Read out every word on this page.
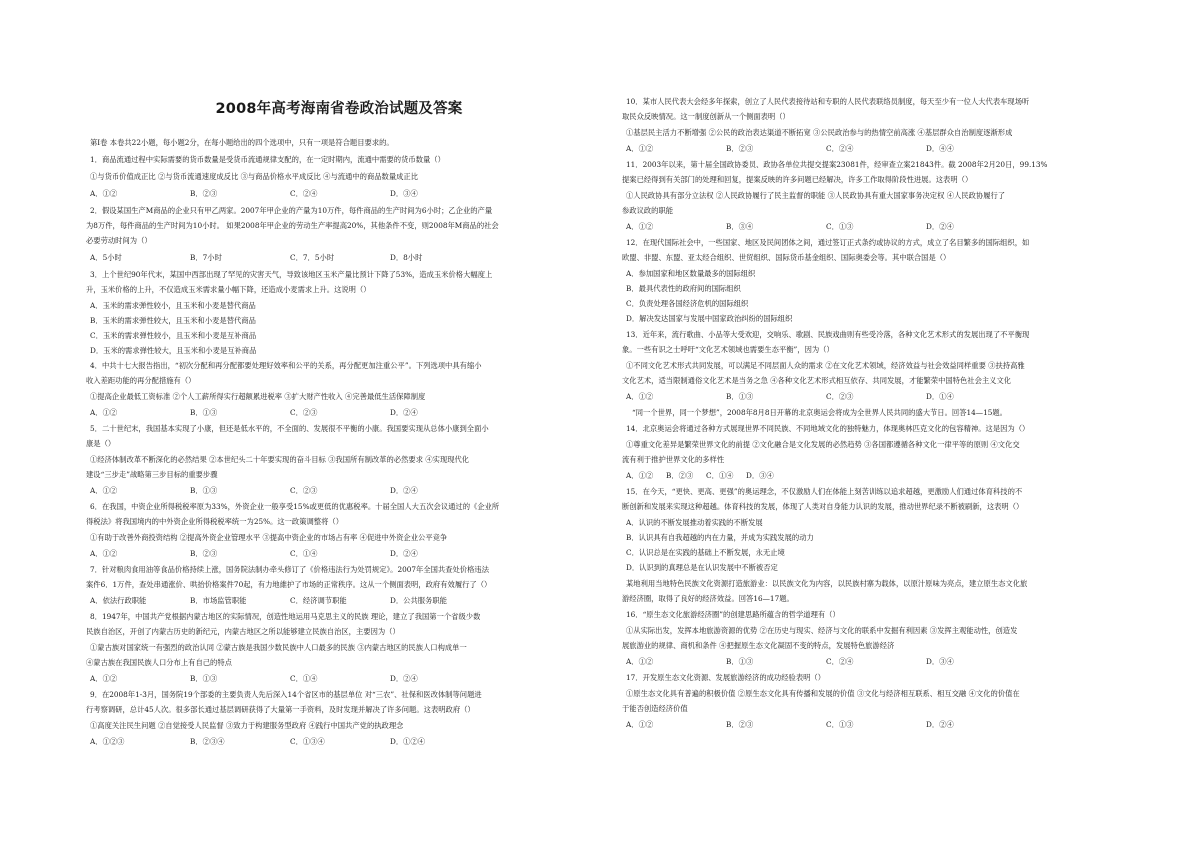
2008年高考海南省卷政治试题及答案
第Ⅰ卷 本卷共22小题，每小题2分，在每小题给出的四个选项中，只有一项是符合题目要求的。
1．商品流通过程中实际需要的货币数量是受货币流通规律支配的，在一定时期内，流通中需要的货币数量（）
①与货币价值成正比 ②与货币流通速度成反比 ③与商品价格水平成反比 ④与流通中的商品数量成正比
A．①②	B．②③	C．②④	D．③④
2．假设某国生产M商品的企业只有甲乙两家。2007年甲企业的产量为10万件，每件商品的生产时间为6小时；乙企业的产量
为8万件，每件商品的生产时间为10小时。 如果2008年甲企业的劳动生产率提高20%，其他条件不变，则2008年M商品的社会
必要劳动时间为（）
A．5小时	B．7小时	C．7．5小时	D．8小时
3．上个世纪90年代末，某国中西部出现了罕见的灾害天气，导致该地区玉米产量比预计下降了53%，造成玉米价格大幅度上
升，玉米价格的上升，不仅造成玉米需求量小幅下降，还造成小麦需求上升。这说明（）
A．玉米的需求弹性较小，且玉米和小麦是替代商品
B．玉米的需求弹性较大，且玉米和小麦是替代商品
C．玉米的需求弹性较小，且玉米和小麦是互补商品
D．玉米的需求弹性较大，且玉米和小麦是互补商品
4．中共十七大报告指出，“初次分配和再分配都要处理好效率和公平的关系，再分配更加注重公平”。下列选项中具有缩小
收入差距功能的再分配措施有（）
①提高企业最低工资标准 ②个人工薪所得实行超额累进税率 ③扩大财产性收入 ④完善最低生活保障制度
A．①②	B．①③	C．②③	D．②④
5．二十世纪末，我国基本实现了小康，但还是低水平的，不全面的、发展很不平衡的小康。我国要实现从总体小康到全面小
康是（）
①经济体制改革不断深化的必然结果 ②本世纪头二十年要实现的奋斗目标 ③我国所有制改革的必然要求 ④实现现代化
建设“三步走”战略第三步目标的重要步骤
A．①②	B．①③	C．②③	D．②④
6．在我国，中资企业所得税税率原为33%，外资企业一般享受15%或更低的优惠税率。十届全国人大五次会议通过的《企业所
得税法》将我国境内的中外资企业所得税税率统一为25%。这一政策调整将（）
①有助于改善外商投资结构 ②提高外资企业管理水平 ③提高中资企业的市场占有率 ④促进中外资企业公平竞争
A．①②	B．②③	C．①④	D．②④
7．针对粮肉食用油等食品价格持续上涨，国务院法制办牵头修订了《价格违法行为处罚规定》。2007年全国共查处价格违法
案件6．1万件，查处串通涨价、哄抬价格案件70起，有力地維护了市场的正常秩序。这从一个侧面表明，政府有效履行了（）
A．依法行政职能	B．市场监管职能	C．经济调节职能	D．公共服务职能
8．1947年，中国共产党根据内蒙古地区的实际情况，创造性地运用马克思主义的民族 理论，建立了我国第一个省级少数
民族自治区，开创了内蒙古历史的新纪元，内蒙古地区之所以能够建立民族自治区，主要因为（）
①蒙古族对国家统一有强烈的政治认同 ②蒙古族是我国少数民族中人口最多的民族 ③内蒙古地区的民族人口构成单一
④蒙古族在我国民族人口分布上有自己的特点
A．①②	B．①③	C．①④	D．②④
9．在2008年1-3月，国务院19个部委的主要负责人先后深入14个省区市的基层单位 对“三农”、社保和医改体制等问题进
行考察调研，总计45人次。很多部长通过基层调研获得了大量第一手资料，及时发现并解决了许多问题。这表明政府（）
①高度关注民生问题 ②自觉接受人民监督 ③致力于构建服务型政府 ④践行中国共产党的执政理念
A．①②③	B．②③④	C．①③④	D．①②④
10．某市人民代表大会经多年探索，创立了人民代表接待站和专职的人民代表联络员制度，每天至少有一位人大代表车现场听
取民众反映情况。这一制度创新从一个侧面表明（）
①基层民主活力不断增强 ②公民的政治表达渠道不断拓宽 ③公民政治参与的热情空前高涨 ④基层群众自治制度逐渐形成
A．①②	B．②③	C．②④	D．④④
11．2003年以来，第十届全国政协委员、政协各单位共提交提案23081件，经审查立案21843件。截 2008年2月20日，99.13%
提案已经得到有关部门的处理和回复，提案反映的许多问题已经解决，许多工作取得阶段性进展。这表明（）
①人民政协具有部分立法权 ②人民政协履行了民主监督的职能 ③人民政协具有重大国家事务决定权 ④人民政协履行了
参政议政的职能
A．①②	B．③④	C．①③	D．②④
12．在现代国际社会中，一些国家、地区及民间团体之间，通过签订正式条约或协议的方式，成立了名目繁多的国际组织，如
欧盟、非盟、东盟、亚太经合组织、世贸组织、国际货币基金组织、国际奥委会等。其中联合国是（）
A．参加国家和地区数量最多的国际组织
B．最具代表性的政府间的国际组织
C．负责处理各国经济危机的国际组织
D．解决发达国家与发展中国家政治纠纷的国际组织
13．近年来，流行歌曲、小品等大受欢迎，交响乐、歌剧、民族戏曲则有些受冷落，各种文化艺术形式的发展出现了不平衡现
象。一些有识之士呼吁“文化艺术领域也需要生态平衡”，因为（）
①不同文化艺术形式共同发展，可以满足不同层面人众的需求 ②在文化艺术领域，经济效益与社会效益同样重要 ③扶持高雅
文化艺术，适当限制通俗文化艺术是当务之急 ④各种文化艺术形式相互依存、共同发展，才能繁荣中国特色社会主义文化
A．①②	B．①③	C．②③	D．①④
“同一个世界，同一个梦想”，2008年8月8日开幕的北京奥运会将成为全世界人民共同的盛大节日。回答14—15题。
14．北京奥运会将通过各种方式展现世界不同民族、不同地域文化的独特魅力，体现奥林匹克文化的包容精神。这是因为（）
①尊重文化差异是繁荣世界文化的前提 ②文化融合是文化发展的必然趋势 ③各国都遵循各种文化一律平等的原则 ④文化交
流有利于推护世界文化的多样性
A．①② B．②③ C．①④ D．③④
15．在今天，“更快、更高、更强”的奥运理念，不仅激励人们在体能上刻苦训练以追求超越，更激励人们通过体育科技的不
断创新和发展来实现这种超越。体育科技的发展，体现了人类对自身能力认识的发展，推动世界纪录不断被刷新，这表明（）
A．认识的不断发展推动着实践的不断发展
B．认识具有自我超越的内在力量，并成为实践发展的动力
C．认识总是在实践的基础上不断发展，永无止境
D．认识到的真理总是在认识发展中不断被否定
某地利用当地特色民族文化资源打造旅游业：以民族文化为内容，以民族村寨为载体，以原汁原味为亮点，建立原生态文化旅
游经济圈，取得了良好的经济效益。回答16—17题。
16．“原生态文化旅游经济圈”的创建思路所蕴含的哲学道理有（）
①从实际出发，发挥本地旅游资源的优势 ②在历史与现实、经济与文化的联系中发掘有利因素 ③发挥主观能动性，创造发
展旅游业的规律、商机和条件 ④把握原生态文化凝固不变的特点，发展特色旅游经济
A．①②	B．①③	C．②④	D．③④
17．开发原生态文化资源、发展旅游经济的成功经验表明（）
①原生态文化具有普遍的积极价值 ②原生态文化具有传播和发展的价值 ③文化与经济相互联系、相互交融 ④文化的价值在
于能否创造经济价值
A．①②	B．②③	C．①③	D．②④
